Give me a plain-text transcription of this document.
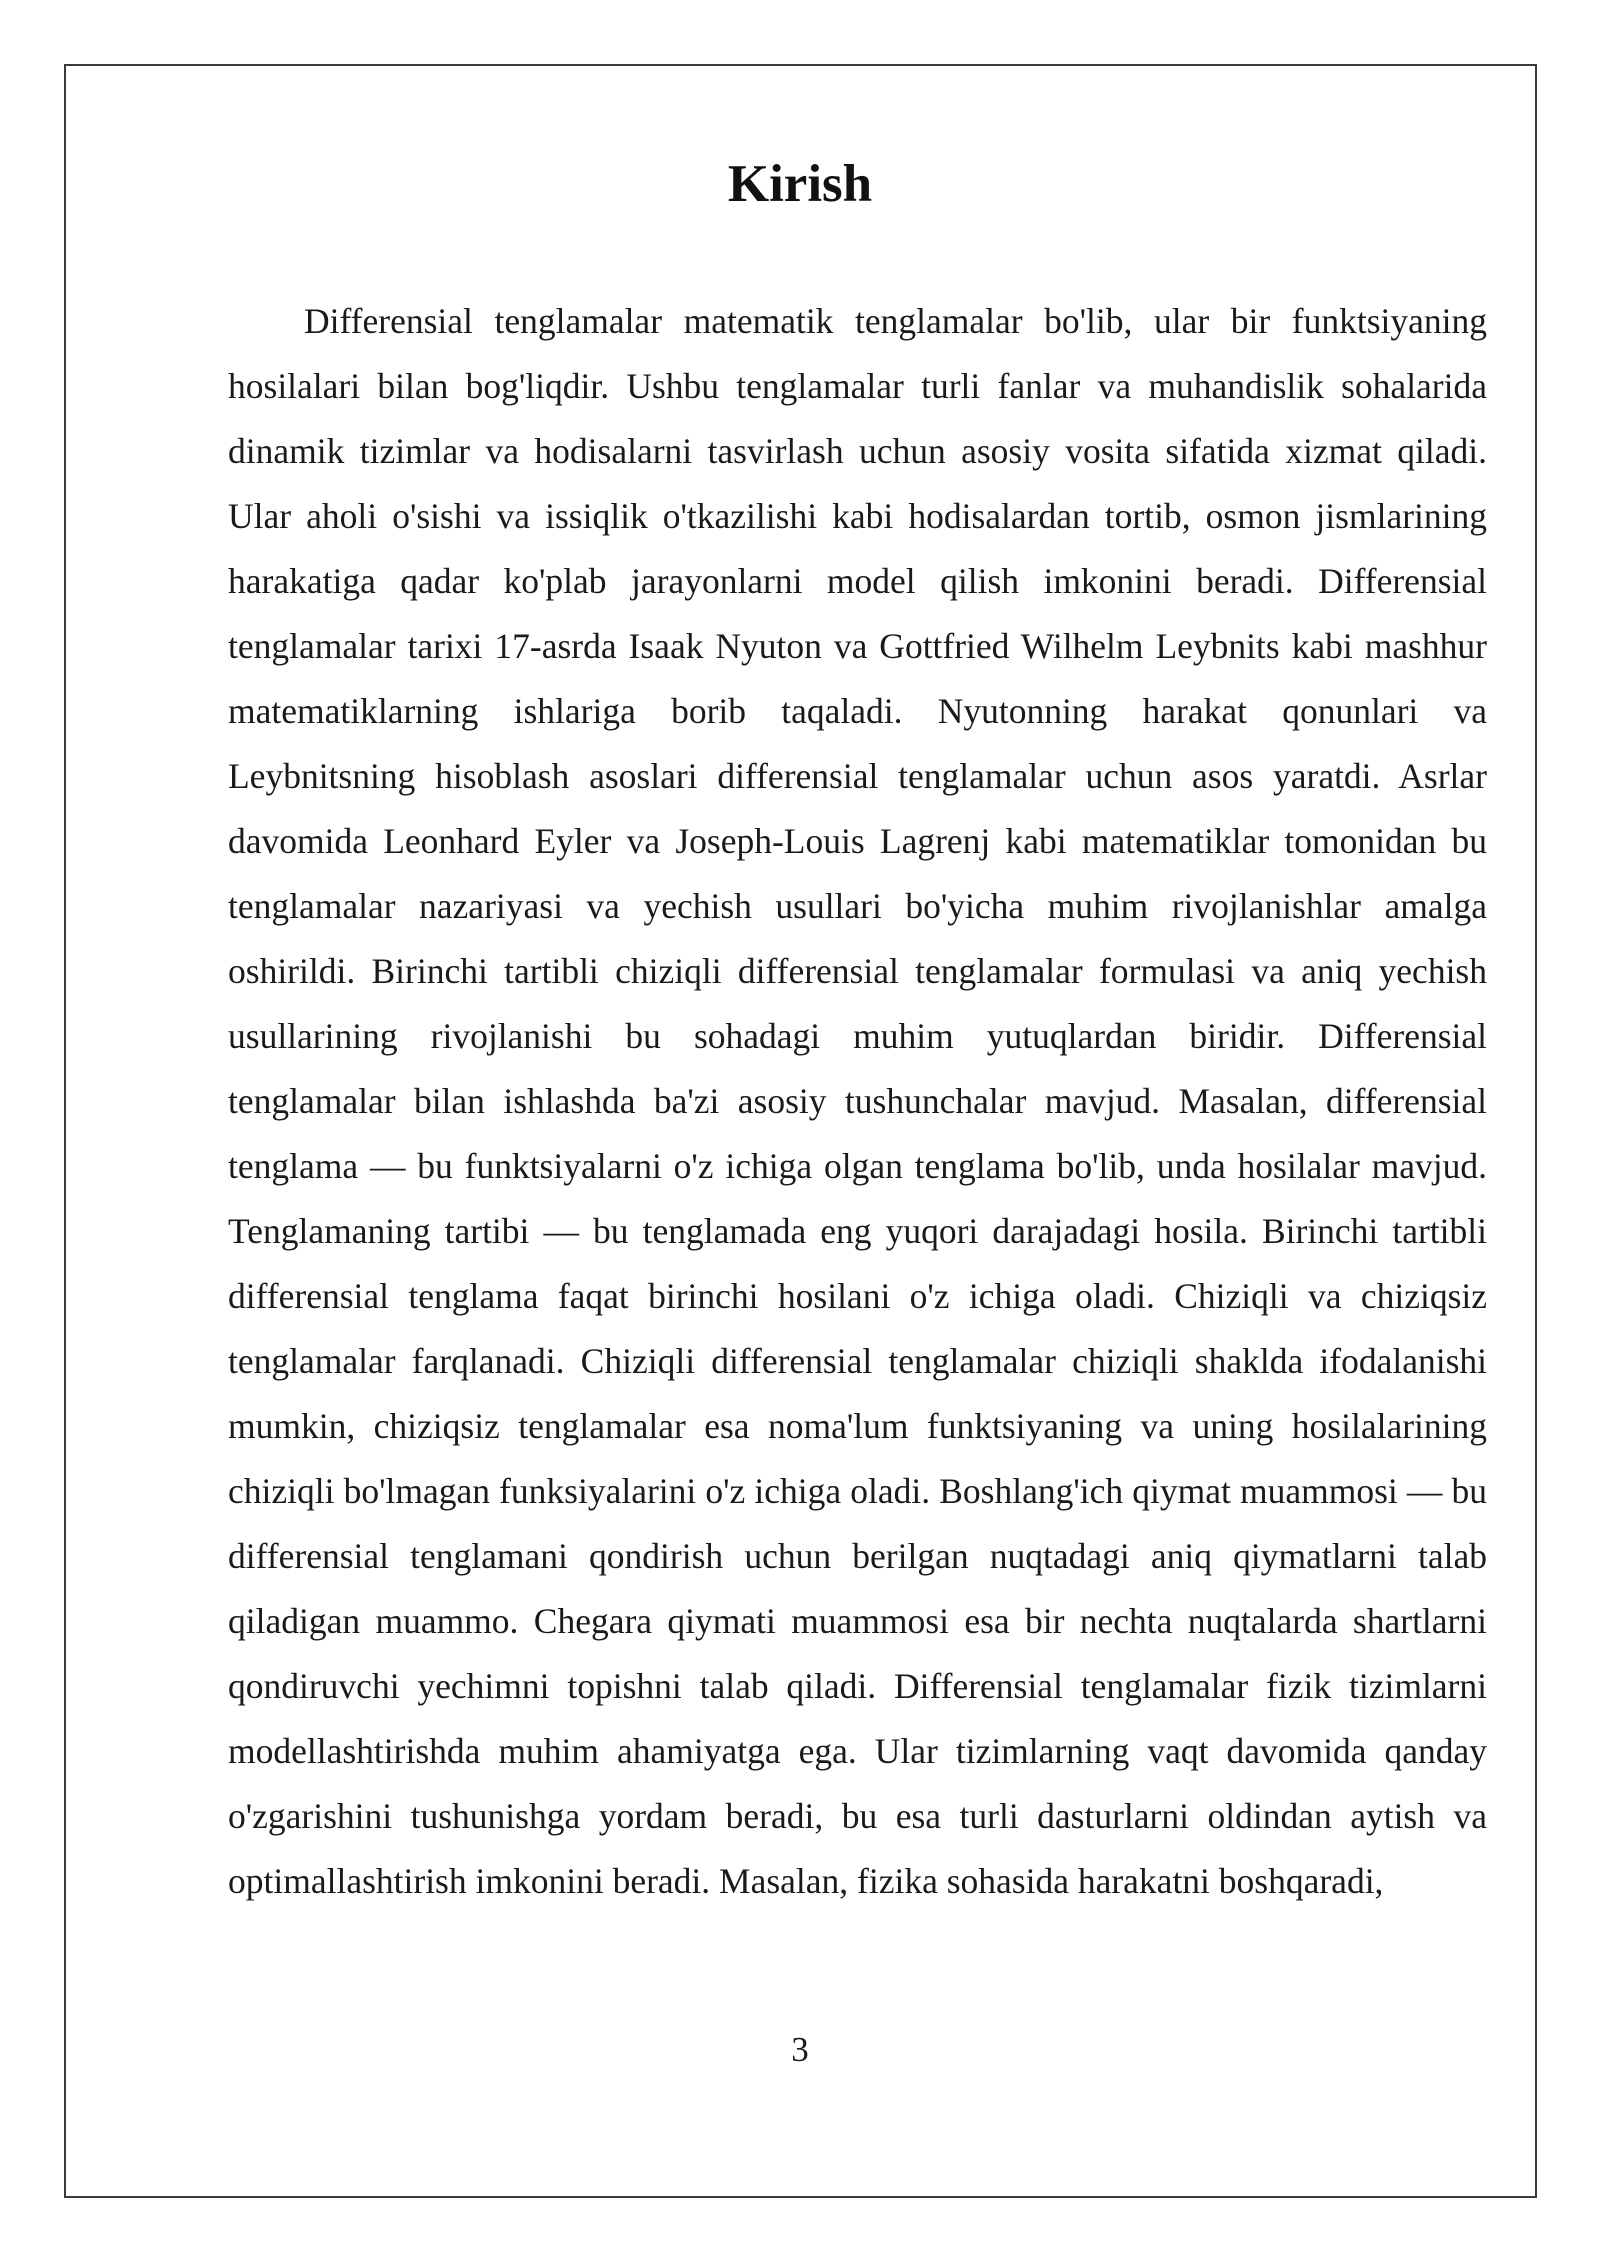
Kirish

Differensial tenglamalar matematik tenglamalar bo'lib, ular bir funktsiyaning hosilalari bilan bog'liqdir. Ushbu tenglamalar turli fanlar va muhandislik sohalarida dinamik tizimlar va hodisalarni tasvirlash uchun asosiy vosita sifatida xizmat qiladi. Ular aholi o'sishi va issiqlik o'tkazilishi kabi hodisalardan tortib, osmon jismlarining harakatiga qadar ko'plab jarayonlarni model qilish imkonini beradi. Differensial tenglamalar tarixi 17-asrda Isaak Nyuton va Gottfried Wilhelm Leybnits kabi mashhur matematiklarning ishlariga borib taqaladi. Nyutonning harakat qonunlari va Leybnitsning hisoblash asoslari differensial tenglamalar uchun asos yaratdi. Asrlar davomida Leonhard Eyler va Joseph-Louis Lagrenj kabi matematiklar tomonidan bu tenglamalar nazariyasi va yechish usullari bo'yicha muhim rivojlanishlar amalga oshirildi. Birinchi tartibli chiziqli differensial tenglamalar formulasi va aniq yechish usullarining rivojlanishi bu sohadagi muhim yutuqlardan biridir. Differensial tenglamalar bilan ishlashda ba'zi asosiy tushunchalar mavjud. Masalan, differensial tenglama — bu funktsiyalarni o'z ichiga olgan tenglama bo'lib, unda hosilalar mavjud. Tenglamaning tartibi — bu tenglamada eng yuqori darajadagi hosila. Birinchi tartibli differensial tenglama faqat birinchi hosilani o'z ichiga oladi. Chiziqli va chiziqsiz tenglamalar farqlanadi. Chiziqli differensial tenglamalar chiziqli shaklda ifodalanishi mumkin, chiziqsiz tenglamalar esa noma'lum funktsiyaning va uning hosilalarining chiziqli bo'lmagan funksiyalarini o'z ichiga oladi. Boshlang'ich qiymat muammosi — bu differensial tenglamani qondirish uchun berilgan nuqtadagi aniq qiymatlarni talab qiladigan muammo. Chegara qiymati muammosi esa bir nechta nuqtalarda shartlarni qondiruvchi yechimni topishni talab qiladi. Differensial tenglamalar fizik tizimlarni modellashtirishda muhim ahamiyatga ega. Ular tizimlarning vaqt davomida qanday o'zgarishini tushunishga yordam beradi, bu esa turli dasturlarni oldindan aytish va optimallashtirish imkonini beradi. Masalan, fizika sohasida harakatni boshqaradi,

3
